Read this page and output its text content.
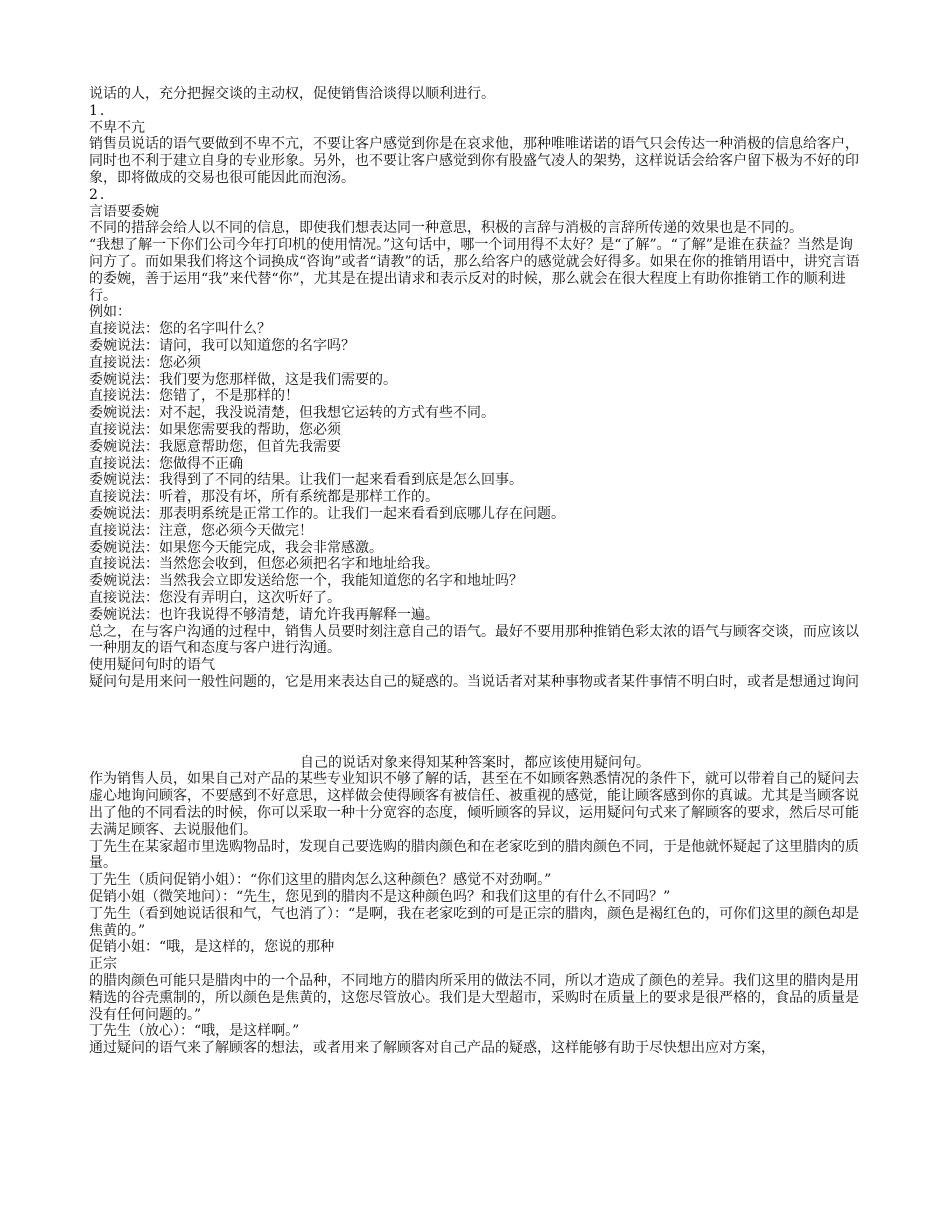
说话的人，充分把握交谈的主动权，促使销售洽谈得以顺利进行。

1．

不卑不亢

销售员说话的语气要做到不卑不亢，不要让客户感觉到你是在哀求他，那种唯唯诺诺的语气只会传达一种消极的信息给客户，同时也不利于建立自身的专业形象。另外，也不要让客户感觉到你有股盛气凌人的架势，这样说话会给客户留下极为不好的印象，即将做成的交易也很可能因此而泡汤。

2．

言语要委婉

不同的措辞会给人以不同的信息，即使我们想表达同一种意思，积极的言辞与消极的言辞所传递的效果也是不同的。

“我想了解一下你们公司今年打印机的使用情况。”这句话中，哪一个词用得不太好？是“了解”。“了解”是谁在获益？当然是询问方了。而如果我们将这个词换成“咨询”或者“请教”的话，那么给客户的感觉就会好得多。如果在你的推销用语中，讲究言语的委婉，善于运用“我”来代替“你”，尤其是在提出请求和表示反对的时候，那么就会在很大程度上有助你推销工作的顺利进行。

例如：

直接说法：您的名字叫什么？

委婉说法：请问，我可以知道您的名字吗？

直接说法：您必须

委婉说法：我们要为您那样做，这是我们需要的。

直接说法：您错了，不是那样的！

委婉说法：对不起，我没说清楚，但我想它运转的方式有些不同。

直接说法：如果您需要我的帮助，您必须

委婉说法：我愿意帮助您，但首先我需要

直接说法：您做得不正确

委婉说法：我得到了不同的结果。让我们一起来看看到底是怎么回事。

直接说法：听着，那没有坏，所有系统都是那样工作的。

委婉说法：那表明系统是正常工作的。让我们一起来看看到底哪儿存在问题。

直接说法：注意，您必须今天做完！

委婉说法：如果您今天能完成，我会非常感激。

直接说法：当然您会收到，但您必须把名字和地址给我。

委婉说法：当然我会立即发送给您一个，我能知道您的名字和地址吗？

直接说法：您没有弄明白，这次听好了。

委婉说法：也许我说得不够清楚，请允许我再解释一遍。

总之，在与客户沟通的过程中，销售人员要时刻注意自己的语气。最好不要用那种推销色彩太浓的语气与顾客交谈，而应该以一种朋友的语气和态度与客户进行沟通。

使用疑问句时的语气

疑问句是用来问一般性问题的，它是用来表达自己的疑惑的。当说话者对某种事物或者某件事情不明白时，或者是想通过询问

自己的说话对象来得知某种答案时，都应该使用疑问句。

作为销售人员，如果自己对产品的某些专业知识不够了解的话，甚至在不如顾客熟悉情况的条件下，就可以带着自己的疑问去虚心地询问顾客，不要感到不好意思，这样做会使得顾客有被信任、被重视的感觉，能让顾客感到你的真诚。尤其是当顾客说出了他的不同看法的时候，你可以采取一种十分宽容的态度，倾听顾客的异议，运用疑问句式来了解顾客的要求，然后尽可能去满足顾客、去说服他们。

丁先生在某家超市里选购物品时，发现自己要选购的腊肉颜色和在老家吃到的腊肉颜色不同，于是他就怀疑起了这里腊肉的质量。

丁先生（质问促销小姐）：“你们这里的腊肉怎么这种颜色？感觉不对劲啊。”

促销小姐（微笑地问）：“先生，您见到的腊肉不是这种颜色吗？和我们这里的有什么不同吗？”

丁先生（看到她说话很和气，气也消了）：“是啊，我在老家吃到的可是正宗的腊肉，颜色是褐红色的，可你们这里的颜色却是焦黄的。”

促销小姐：“哦，是这样的，您说的那种

正宗

的腊肉颜色可能只是腊肉中的一个品种，不同地方的腊肉所采用的做法不同，所以才造成了颜色的差异。我们这里的腊肉是用精选的谷壳熏制的，所以颜色是焦黄的，这您尽管放心。我们是大型超市，采购时在质量上的要求是很严格的，食品的质量是没有任何问题的。”

丁先生（放心）：“哦，是这样啊。”

通过疑问的语气来了解顾客的想法，或者用来了解顾客对自己产品的疑惑，这样能够有助于尽快想出应对方案，
